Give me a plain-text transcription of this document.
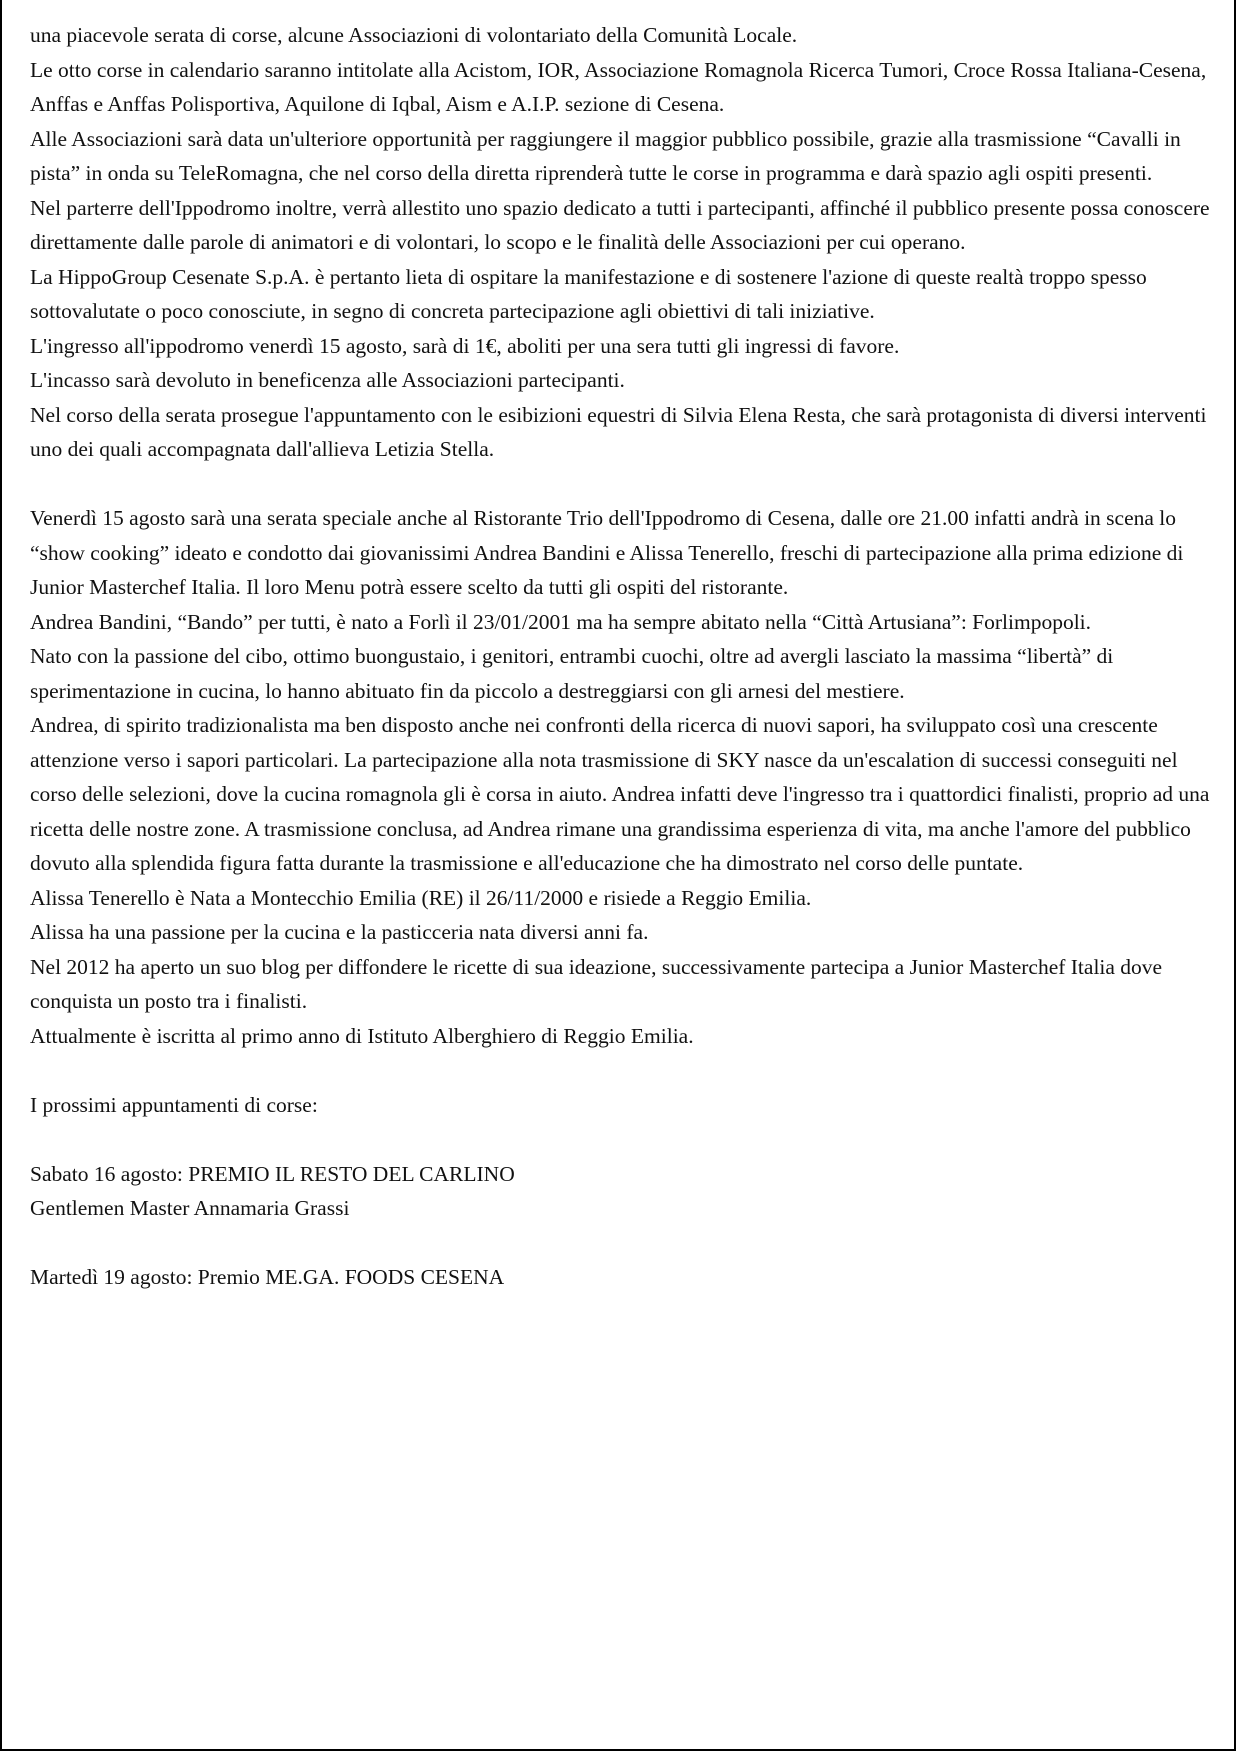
una piacevole serata di corse, alcune Associazioni di volontariato della Comunità Locale.

Le otto corse in calendario saranno intitolate alla Acistom, IOR, Associazione Romagnola Ricerca Tumori, Croce Rossa Italiana-Cesena, Anffas e Anffas Polisportiva, Aquilone di Iqbal, Aism e A.I.P. sezione di Cesena.

Alle Associazioni sarà data un'ulteriore opportunità per raggiungere il maggior pubblico possibile, grazie alla trasmissione “Cavalli in pista” in onda su TeleRomagna, che nel corso della diretta riprenderà tutte le corse in programma e darà spazio agli ospiti presenti.

Nel parterre dell'Ippodromo inoltre, verrà allestito uno spazio dedicato a tutti i partecipanti, affinché il pubblico presente possa conoscere direttamente dalle parole di animatori e di volontari, lo scopo e le finalità delle Associazioni per cui operano.

La HippoGroup Cesenate S.p.A. è pertanto lieta di ospitare la manifestazione e di sostenere l'azione di queste realtà troppo spesso sottovalutate o poco conosciute, in segno di concreta partecipazione agli obiettivi di tali iniziative.

L'ingresso all'ippodromo venerdì 15 agosto, sarà di 1€, aboliti per una sera tutti gli ingressi di favore.

L'incasso sarà devoluto in beneficenza alle Associazioni partecipanti.

Nel corso della serata prosegue l'appuntamento con le esibizioni equestri di Silvia Elena Resta, che sarà protagonista di diversi interventi uno dei quali accompagnata dall'allieva Letizia Stella.

Venerdì 15 agosto sarà una serata speciale anche al Ristorante Trio dell'Ippodromo di Cesena, dalle ore 21.00 infatti andrà in scena lo “show cooking” ideato e condotto dai giovanissimi Andrea Bandini e Alissa Tenerello, freschi di partecipazione alla prima edizione di Junior Masterchef Italia. Il loro Menu potrà essere scelto da tutti gli ospiti del ristorante.

Andrea Bandini, “Bando” per tutti, è nato a Forlì il 23/01/2001 ma ha sempre abitato nella “Città Artusiana”: Forlimpopoli.

Nato con la passione del cibo, ottimo buongustaio, i genitori, entrambi cuochi, oltre ad avergli lasciato la massima “libertà” di sperimentazione in cucina, lo hanno abituato fin da piccolo a destreggiarsi con gli arnesi del mestiere.

Andrea, di spirito tradizionalista ma ben disposto anche nei confronti della ricerca di nuovi sapori, ha sviluppato così una crescente attenzione verso i sapori particolari. La partecipazione alla nota trasmissione di SKY nasce da un'escalation di successi conseguiti nel corso delle selezioni, dove la cucina romagnola gli è corsa in aiuto. Andrea infatti deve l'ingresso tra i quattordici finalisti, proprio ad una ricetta delle nostre zone. A trasmissione conclusa, ad Andrea rimane una grandissima esperienza di vita, ma anche l'amore del pubblico dovuto alla splendida figura fatta durante la trasmissione e all'educazione che ha dimostrato nel corso delle puntate.

Alissa Tenerello è Nata a Montecchio Emilia (RE) il 26/11/2000 e risiede a Reggio Emilia.

Alissa ha una passione per la cucina e la pasticceria nata diversi anni fa.

Nel 2012 ha aperto un suo blog per diffondere le ricette di sua ideazione, successivamente partecipa a Junior Masterchef Italia dove conquista un posto tra i finalisti.

Attualmente è iscritta al primo anno di Istituto Alberghiero di Reggio Emilia.

I prossimi appuntamenti di corse:

Sabato 16 agosto: PREMIO IL RESTO DEL CARLINO

Gentlemen Master Annamaria Grassi

Martedì 19 agosto: Premio ME.GA. FOODS CESENA
